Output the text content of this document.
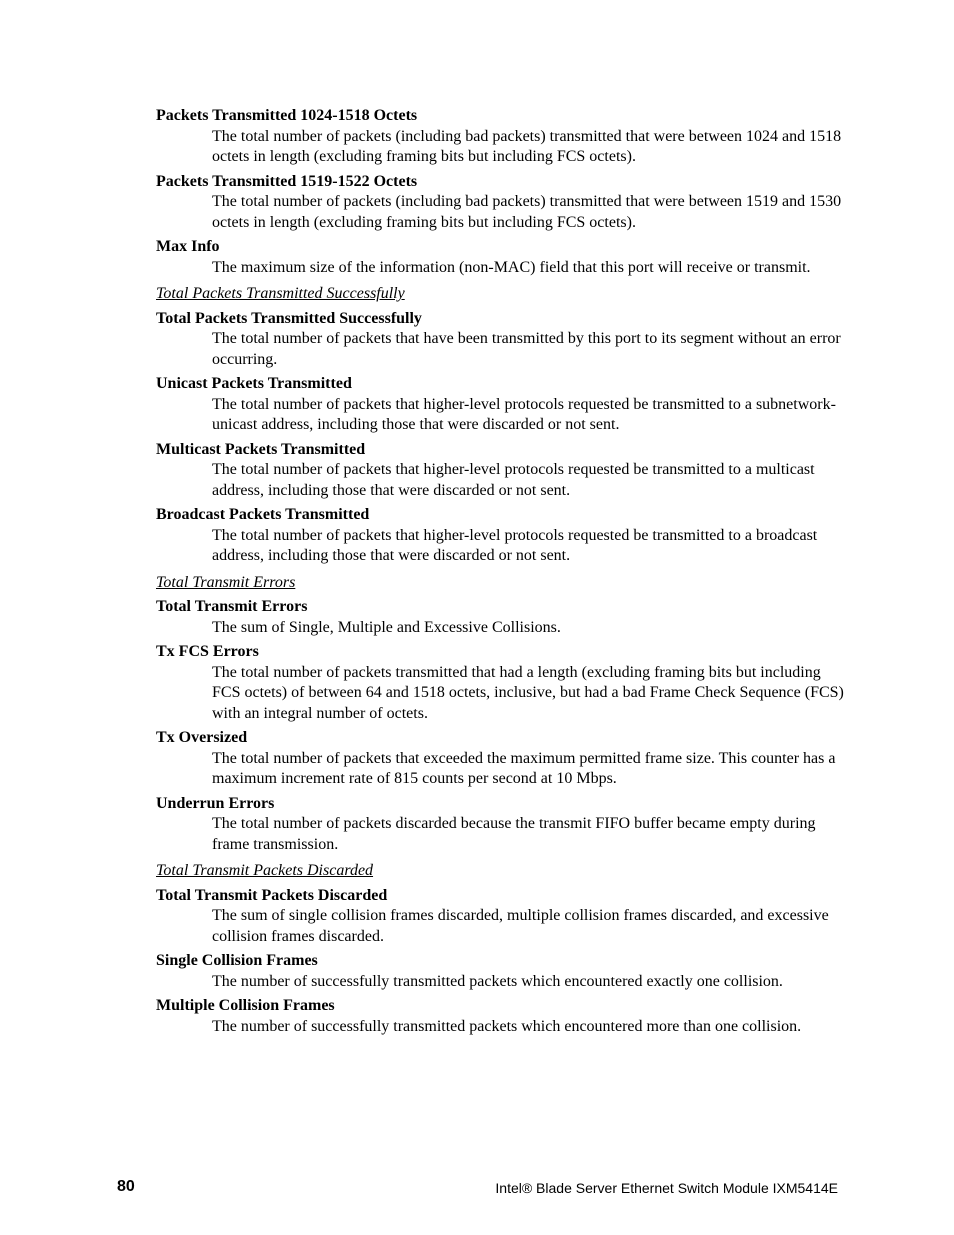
Packets Transmitted 1024-1518 Octets
The total number of packets (including bad packets) transmitted that were between 1024 and 1518 octets in length (excluding framing bits but including FCS octets).
Packets Transmitted 1519-1522 Octets
The total number of packets (including bad packets) transmitted that were between 1519 and 1530 octets in length (excluding framing bits but including FCS octets).
Max Info
The maximum size of the information (non-MAC) field that this port will receive or transmit.
Total Packets Transmitted Successfully
Total Packets Transmitted Successfully
The total number of packets that have been transmitted by this port to its segment without an error occurring.
Unicast Packets Transmitted
The total number of packets that higher-level protocols requested be transmitted to a subnetwork-unicast address, including those that were discarded or not sent.
Multicast Packets Transmitted
The total number of packets that higher-level protocols requested be transmitted to a multicast address, including those that were discarded or not sent.
Broadcast Packets Transmitted
The total number of packets that higher-level protocols requested be transmitted to a broadcast address, including those that were discarded or not sent.
Total Transmit Errors
Total Transmit Errors
The sum of Single, Multiple and Excessive Collisions.
Tx FCS Errors
The total number of packets transmitted that had a length (excluding framing bits but including FCS octets) of between 64 and 1518 octets, inclusive, but had a bad Frame Check Sequence (FCS) with an integral number of octets.
Tx Oversized
The total number of packets that exceeded the maximum permitted frame size. This counter has a maximum increment rate of 815 counts per second at 10 Mbps.
Underrun Errors
The total number of packets discarded because the transmit FIFO buffer became empty during frame transmission.
Total Transmit Packets Discarded
Total Transmit Packets Discarded
The sum of single collision frames discarded, multiple collision frames discarded, and excessive collision frames discarded.
Single Collision Frames
The number of successfully transmitted packets which encountered exactly one collision.
Multiple Collision Frames
The number of successfully transmitted packets which encountered more than one collision.
80	Intel® Blade Server Ethernet Switch Module IXM5414E
